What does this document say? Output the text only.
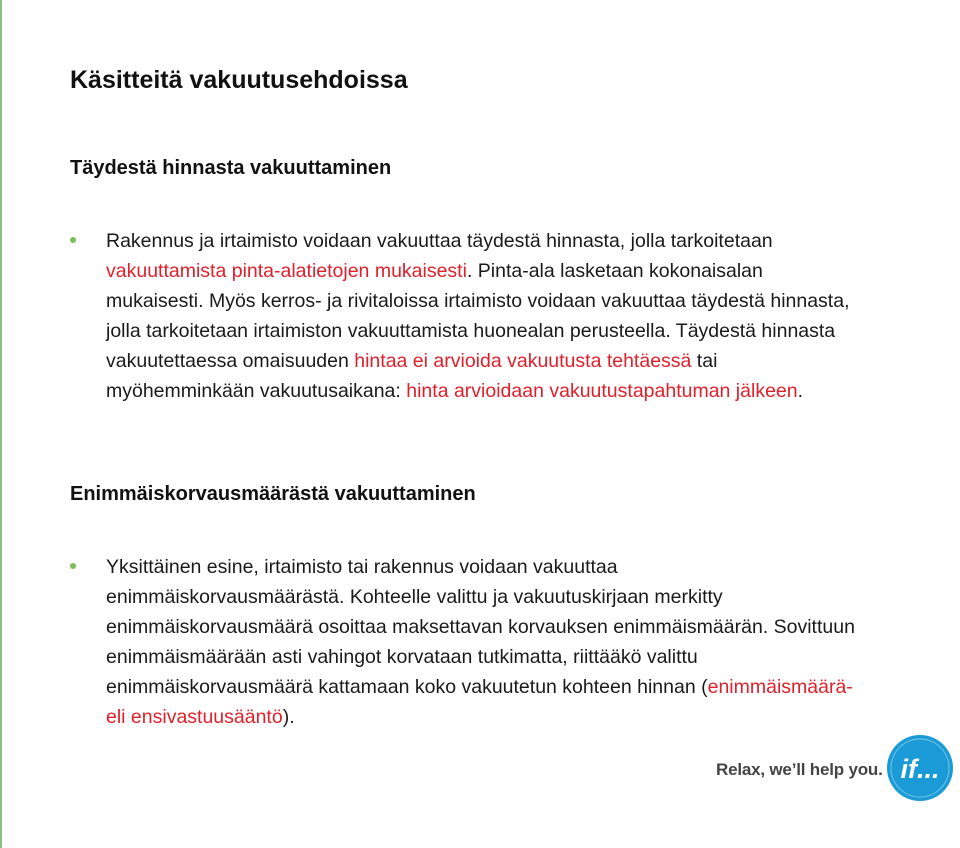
Käsitteitä vakuutusehdoissa
Täydestä hinnasta vakuuttaminen

Rakennus ja irtaimisto voidaan vakuuttaa täydestä hinnasta, jolla tarkoitetaan vakuuttamista pinta-alatietojen mukaisesti. Pinta-ala lasketaan kokonaisalan mukaisesti. Myös kerros- ja rivitaloissa irtaimisto voidaan vakuuttaa täydestä hinnasta, jolla tarkoitetaan irtaimiston vakuuttamista huonealan perusteella. Täydestä hinnasta vakuutettaessa omaisuuden hintaa ei arvioida vakuutusta tehtäessä tai myöhemminkään vakuutusaikana: hinta arvioidaan vakuutustapahtuman jälkeen.

Enimmäiskorvausmäärästä vakuuttaminen

Yksittäinen esine, irtaimisto tai rakennus voidaan vakuuttaa enimmäiskorvausmäärästä. Kohteelle valittu ja vakuutuskirjaan merkitty enimmäiskorvausmäärä osoittaa maksettavan korvauksen enimmäismäärän. Sovittuun enimmäismäärään asti vahingot korvataan tutkimatta, riittääkö valittu enimmäiskorvausmäärä kattamaan koko vakuutetun kohteen hinnan (enimmäismäärä- eli ensivastuusääntö).

Relax, we’ll help you. if...
